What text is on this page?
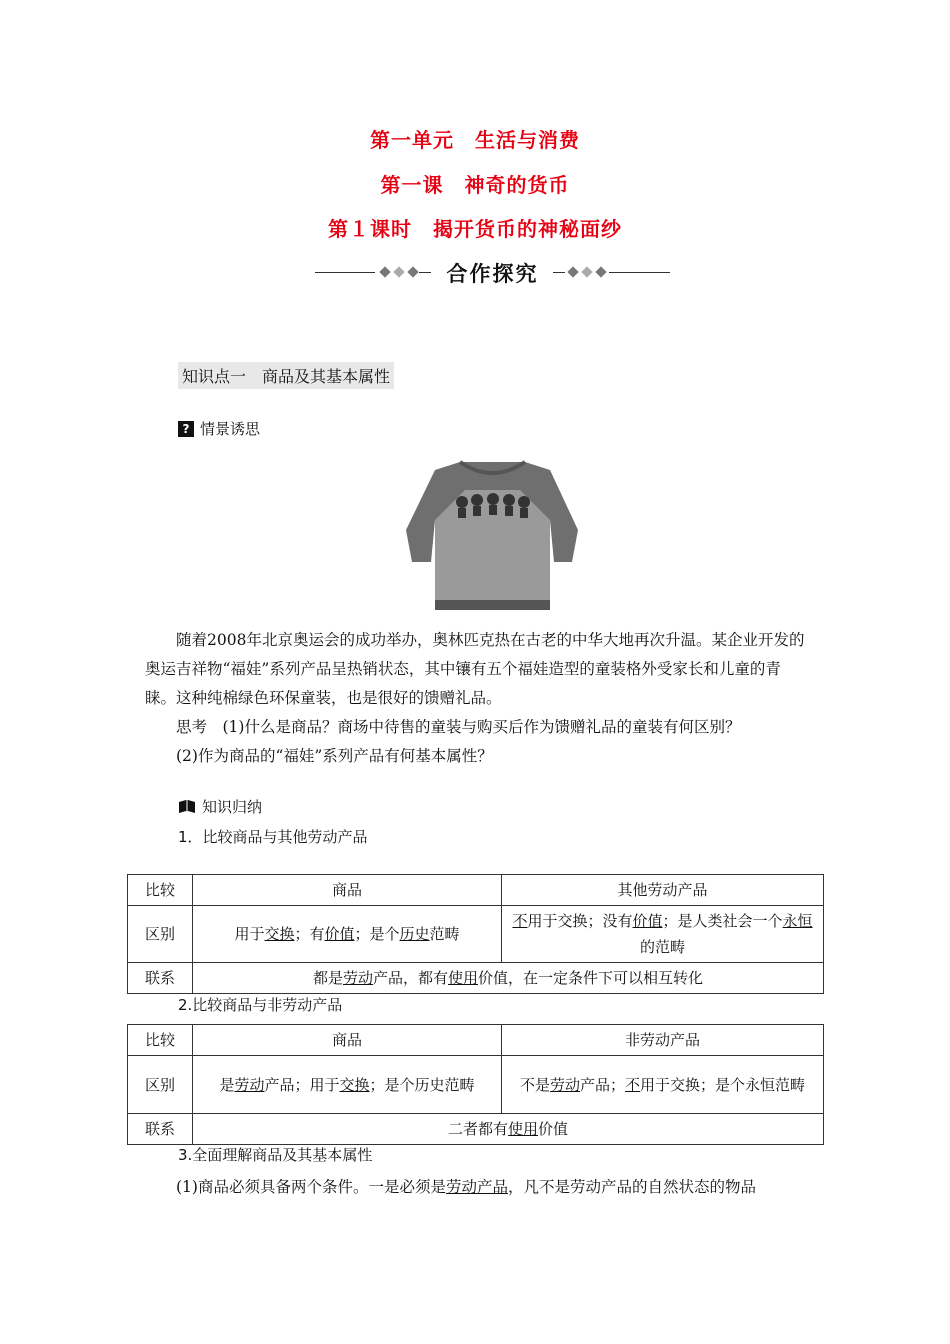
第一单元　生活与消费
第一课　神奇的货币
第１课时　揭开货币的神秘面纱
合作探究
知识点一　商品及其基本属性
? 情景诱思
随着2008年北京奥运会的成功举办，奥林匹克热在古老的中华大地再次升温。某企业开发的奥运吉祥物“福娃”系列产品呈热销状态，其中镶有五个福娃造型的童装格外受家长和儿童的青睐。这种纯棉绿色环保童装，也是很好的馈赠礼品。
思考　(1)什么是商品？商场中待售的童装与购买后作为馈赠礼品的童装有何区别？
(2)作为商品的“福娃”系列产品有何基本属性？
知识归纳
1．比较商品与其他劳动产品
比较	商品	其他劳动产品
区别	用于交换；有价值；是个历史范畴	不用于交换；没有价值；是人类社会一个永恒的范畴
联系	都是劳动产品，都有使用价值，在一定条件下可以相互转化	
2.比较商品与非劳动产品
比较	商品	非劳动产品
区别	是劳动产品；用于交换；是个历史范畴	不是劳动产品；不用于交换；是个永恒范畴
联系	二者都有使用价值	
3.全面理解商品及其基本属性
(1)商品必须具备两个条件。一是必须是劳动产品，凡不是劳动产品的自然状态的物品
